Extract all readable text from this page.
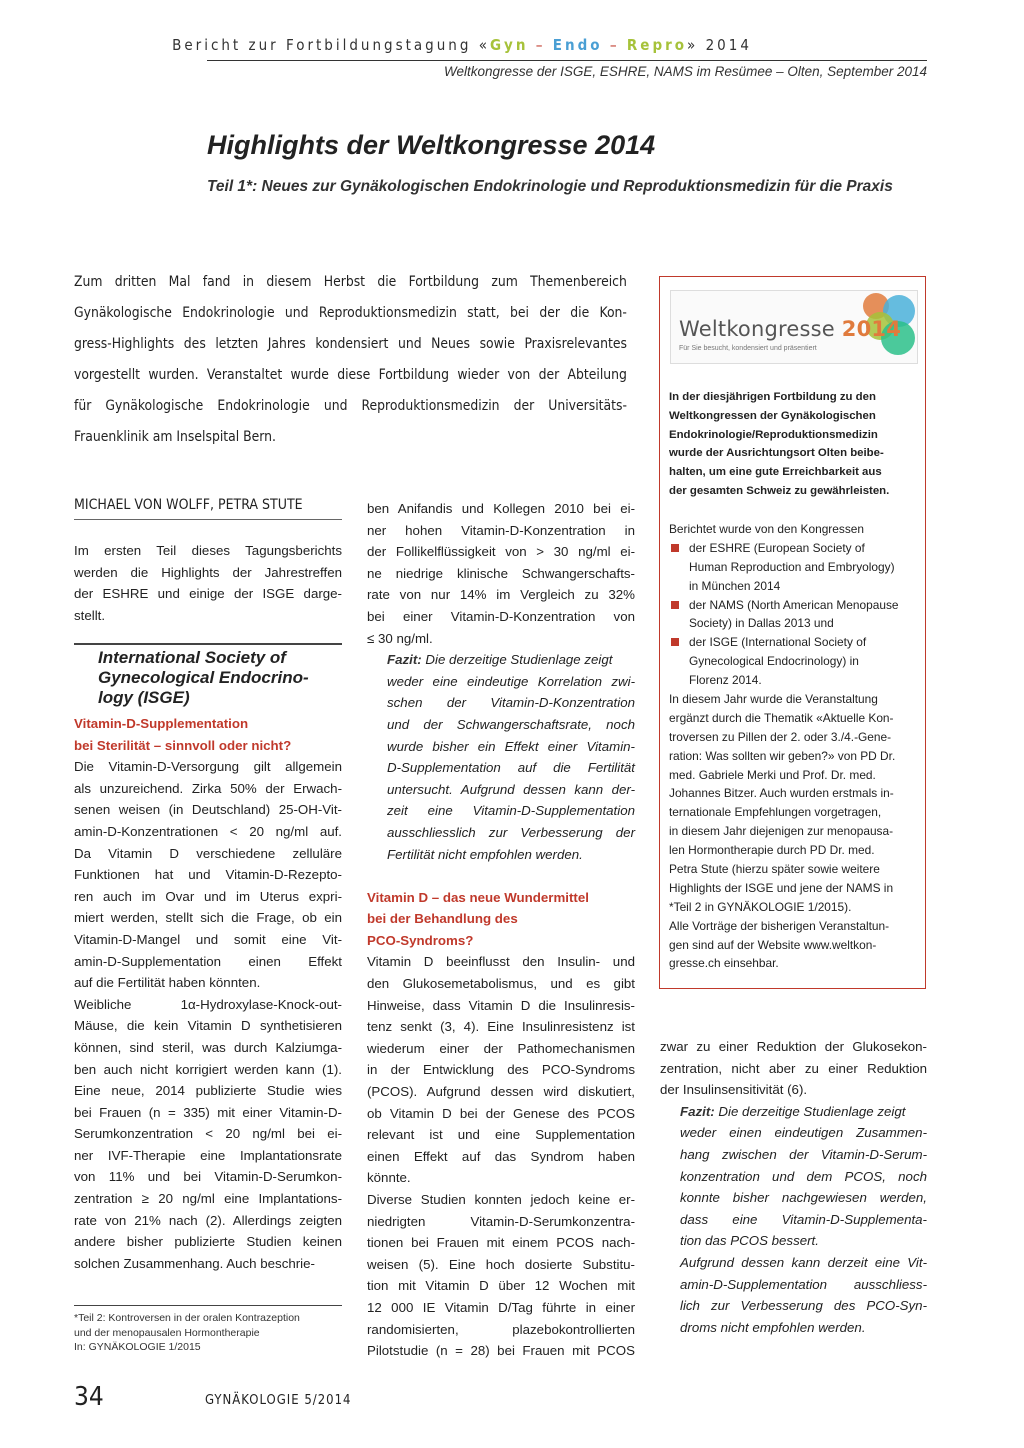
Bericht zur Fortbildungstagung «Gyn – Endo – Repro» 2014
Weltkongresse der ISGE, ESHRE, NAMS im Resümee – Olten, September 2014
Highlights der Weltkongresse 2014
Teil 1*: Neues zur Gynäkologischen Endokrinologie und Reproduktionsmedizin für die Praxis
Zum dritten Mal fand in diesem Herbst die Fortbildung zum Themenbereich
Gynäkologische Endokrinologie und Reproduktionsmedizin statt, bei der die Kon-
gress-Highlights des letzten Jahres kondensiert und Neues sowie Praxisrelevantes
vorgestellt wurden. Veranstaltet wurde diese Fortbildung wieder von der Abteilung
für Gynäkologische Endokrinologie und Reproduktionsmedizin der Universitäts-
Frauenklinik am Inselspital Bern.
MICHAEL VON WOLFF, PETRA STUTE
Im ersten Teil dieses Tagungsberichts
werden die Highlights der Jahrestreffen
der ESHRE und einige der ISGE darge-
stellt.
International Society of Gynecological Endocrino-logy (ISGE)
Vitamin-D-Supplementation
bei Sterilität – sinnvoll oder nicht?
Die Vitamin-D-Versorgung gilt allgemein
als unzureichend. Zirka 50% der Erwach-
senen weisen (in Deutschland) 25-OH-Vit-
amin-D-Konzentrationen < 20 ng/ml auf.
Da Vitamin D verschiedene zelluläre
Funktionen hat und Vitamin-D-Rezepto-
ren auch im Ovar und im Uterus expri-
miert werden, stellt sich die Frage, ob ein
Vitamin-D-Mangel und somit eine Vit-
amin-D-Supplementation einen Effekt
auf die Fertilität haben könnten.
Weibliche 1α-Hydroxylase-Knock-out-
Mäuse, die kein Vitamin D synthetisieren
können, sind steril, was durch Kalziumga-
ben auch nicht korrigiert werden kann (1).
Eine neue, 2014 publizierte Studie wies
bei Frauen (n = 335) mit einer Vitamin-D-
Serumkonzentration < 20 ng/ml bei ei-
ner IVF-Therapie eine Implantationsrate
von 11% und bei Vitamin-D-Serumkon-
zentration ≥ 20 ng/ml eine Implantations-
rate von 21% nach (2). Allerdings zeigten
andere bisher publizierte Studien keinen
solchen Zusammenhang. Auch beschrie-
ben Anifandis und Kollegen 2010 bei ei-
ner hohen Vitamin-D-Konzentration in
der Follikelflüssigkeit von > 30 ng/ml ei-
ne niedrige klinische Schwangerschafts-
rate von nur 14% im Vergleich zu 32%
bei einer Vitamin-D-Konzentration von
≤ 30 ng/ml.
Fazit: Die derzeitige Studienlage zeigt
weder eine eindeutige Korrelation zwi-
schen der Vitamin-D-Konzentration
und der Schwangerschaftsrate, noch
wurde bisher ein Effekt einer Vitamin-
D-Supplementation auf die Fertilität
untersucht. Aufgrund dessen kann der-
zeit eine Vitamin-D-Supplementation
ausschliesslich zur Verbesserung der
Fertilität nicht empfohlen werden.
Vitamin D – das neue Wundermittel
bei der Behandlung des
PCO-Syndroms?
Vitamin D beeinflusst den Insulin- und
den Glukosemetabolismus, und es gibt
Hinweise, dass Vitamin D die Insulinresis-
tenz senkt (3, 4). Eine Insulinresistenz ist
wiederum einer der Pathomechanismen
in der Entwicklung des PCO-Syndroms
(PCOS). Aufgrund dessen wird diskutiert,
ob Vitamin D bei der Genese des PCOS
relevant ist und eine Supplementation
einen Effekt auf das Syndrom haben
könnte.
Diverse Studien konnten jedoch keine er-
niedrigten Vitamin-D-Serumkonzentra-
tionen bei Frauen mit einem PCOS nach-
weisen (5). Eine hoch dosierte Substitu-
tion mit Vitamin D über 12 Wochen mit
12 000 IE Vitamin D/Tag führte in einer
randomisierten, plazebokontrollierten
Pilotstudie (n = 28) bei Frauen mit PCOS
zwar zu einer Reduktion der Glukosekon-
zentration, nicht aber zu einer Reduktion
der Insulinsensitivität (6).
Fazit: Die derzeitige Studienlage zeigt
weder einen eindeutigen Zusammen-
hang zwischen der Vitamin-D-Serum-
konzentration und dem PCOS, noch
konnte bisher nachgewiesen werden,
dass eine Vitamin-D-Supplementa-
tion das PCOS bessert.
Aufgrund dessen kann derzeit eine Vit-
amin-D-Supplementation ausschliess-
lich zur Verbesserung des PCO-Syn-
droms nicht empfohlen werden.
Weltkongresse 2014
Für Sie besucht, kondensiert und präsentiert
In der diesjährigen Fortbildung zu den
Weltkongressen der Gynäkologischen
Endokrinologie/Reproduktionsmedizin
wurde der Ausrichtungsort Olten beibe-
halten, um eine gute Erreichbarkeit aus
der gesamten Schweiz zu gewährleisten.
Berichtet wurde von den Kongressen
der ESHRE (European Society of
Human Reproduction and Embryology)
in München 2014
der NAMS (North American Menopause
Society) in Dallas 2013 und
der ISGE (International Society of
Gynecological Endocrinology) in
Florenz 2014.
In diesem Jahr wurde die Veranstaltung
ergänzt durch die Thematik «Aktuelle Kon-
troversen zu Pillen der 2. oder 3./4.-Gene-
ration: Was sollten wir geben?» von PD Dr.
med. Gabriele Merki und Prof. Dr. med.
Johannes Bitzer. Auch wurden erstmals in-
ternationale Empfehlungen vorgetragen,
in diesem Jahr diejenigen zur menopausa-
len Hormontherapie durch PD Dr. med.
Petra Stute (hierzu später sowie weitere
Highlights der ISGE und jene der NAMS in
*Teil 2 in GYNÄKOLOGIE 1/2015).
Alle Vorträge der bisherigen Veranstaltun-
gen sind auf der Website www.weltkon-
gresse.ch einsehbar.
*Teil 2: Kontroversen in der oralen Kontrazeption
und der menopausalen Hormontherapie
In: GYNÄKOLOGIE 1/2015
34	GYNÄKOLOGIE 5/2014
